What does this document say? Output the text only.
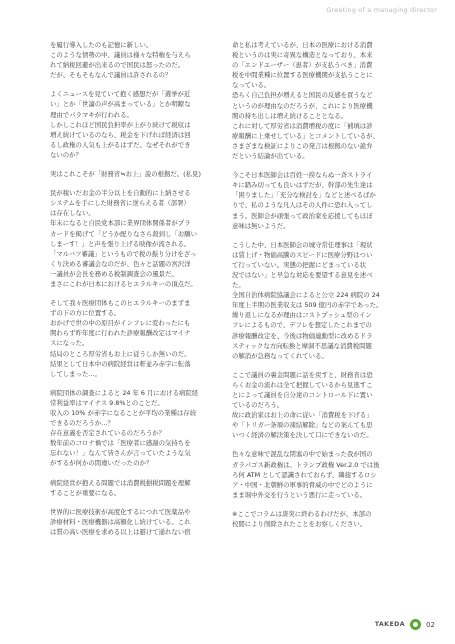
Greeting of a managing director
を履行導入したのも記憶に新しい。
このような情勢の中、議員は様々な特権を与えら
れて納税回避が出来るので国民は怒ったのだ。
だが、そもそもなんで議員は許されるの？
よくニュースを見ていて抱く感想だが「選挙が近
い」とか「世論の声が高まっている」とか明瞭な
理由でパラマキが行われる。
しかしこれほど国民負担率が上がり続けて税収は
増え続けているのなら、税金を下げれば経済は回
るし政権の人気も上がるはずだ。なぜそれができ
ないのか？
実はこれこそが「財務省≒お上」説の根拠だ。(私見)
民が稼いだお金の半分以上を自動的に上納させる
システムを手にした財務省に逆らえる者（部署）
は存在しない。
年末になると自民党本部に業界団体関係者がプラ
カードを掲げて「どうか配りなさら殺到し「お願い
しまーす！」と声を張り上げる映像が流される。
「マルバツ審議」というもので税の振り分けをざっ
くり決める審議会なのだが、色々と話題の宮沢洋
一議員が会長を務める税制調査会の風景だ。
まさにこれが日本におけるヒエラルキーの頂点だ。
そして我々医療団体もこのヒエラルキーのまずま
ずの下の方に位置する。
おかげで世の中の原目がインフレに変わったにも
関わらず昨年度に行われた診療報酬改定はマイナ
スになった。
結局のところ厚労省もお上に従うしか無いのだ。
結果として日本中の病院経営は軒並み赤字に転落
してしまった…。
病院団体の調査によると 24 年 6 月における病院経
常利益率はマイナス 9.8%とのことだ。
収入の 10% が赤字になることが平均の業種は存続
できるのだろうか…？
存在意義を否定されているのだろうか？
数年前のコロナ禍では「医療者に感謝の気持ちを
忘れない！」なんて皆さんが言っていたような気
がするが何かの間違いだったのか？
病院経営が抱える問題では消費税損税問題を理解
することが重要になる。
世界的に医療技術が高度化するにつれて医薬品や
診療材料・医療機器は高額化し続けている。これ
は質の高い医療を求める以上は避けて通れない宿
命と私は考えているが、日本の医療における消費
税というのは実に奇異な構造となっており、本来
の「エンドユーザー（患者）が支払うべき」消費
税を中間業種に位置する医療機関が支払うことに
なっている。
恐らく自己負担が増えると国民の反感を買うなど
というのが理由なのだろうが、これにより医療機
関の持ち出しは増え続けることとなる。
これに対して厚労省は消費増税の度に「補填は診
療報酬に上乗せしている」とコメントしているが、
さまざまな検証によりこの発言は根拠のない詭弁
だという結論が出ている。
今こそ日本医師会は百姓一揆ならぬ一斉ストライ
キに踏み切っても良いはずだが、幹部の先生達は
「困りました」「充分な検討を」などと述べるばか
りで、私のような凡人はその人件に恐れ入ってし
まう。医師会が頑張って政治家を応援してもほぼ
意味は無いようだ。
こうした中、日本医師会の城守常任理事は「現状
は賃上げ・物価高騰のスピードに医療分野はつい
て行っていない。実態の把握にどまっている状
況ではない」と早急な対応を要望する意見を述べ
た。
全国自治体病院協議会によると公立 224 病院の 24
年度上半期の医業収支は 509 億円の赤字であった。
繰り返しになるが理由はコストプッシュ型のイン
フレによるもので、デフレを想定したこれまでの
診療報酬改定を、今後は物価連動型に改めるドラ
スティックな方向転換と摩洞不思議な消費税問題
の解消が急務なってくれている。
ここで議員の裏金問題に話を戻すと、財務省は恐
らくお金の流れは全て把握しているから見逃すこ
とによって議員を自分達のコントロール下に置い
ているのだろう。
故に政治家はお上の命に従い「消費税を下げる」
や「トリガー条項の凍結解除」などの案んても思
いつく経済の解決策を決して口にできないのだ。
色々な意味で混乱な閉塞の中で始まった我が国の
ガラパゴス新政権は、トランプ政権 Ver.2.0 では後
ろ何 ATM として認識されておらず、隣接するロシ
ア・中国・北朝鮮の軍事的脅威の中でどのように
まま堀中外交を行うという悪行に走っている。
※ここでコラムは唐突に終わるわけだが、本部の
校閲により削除されたことをお察しください。
TAKEDA	02
